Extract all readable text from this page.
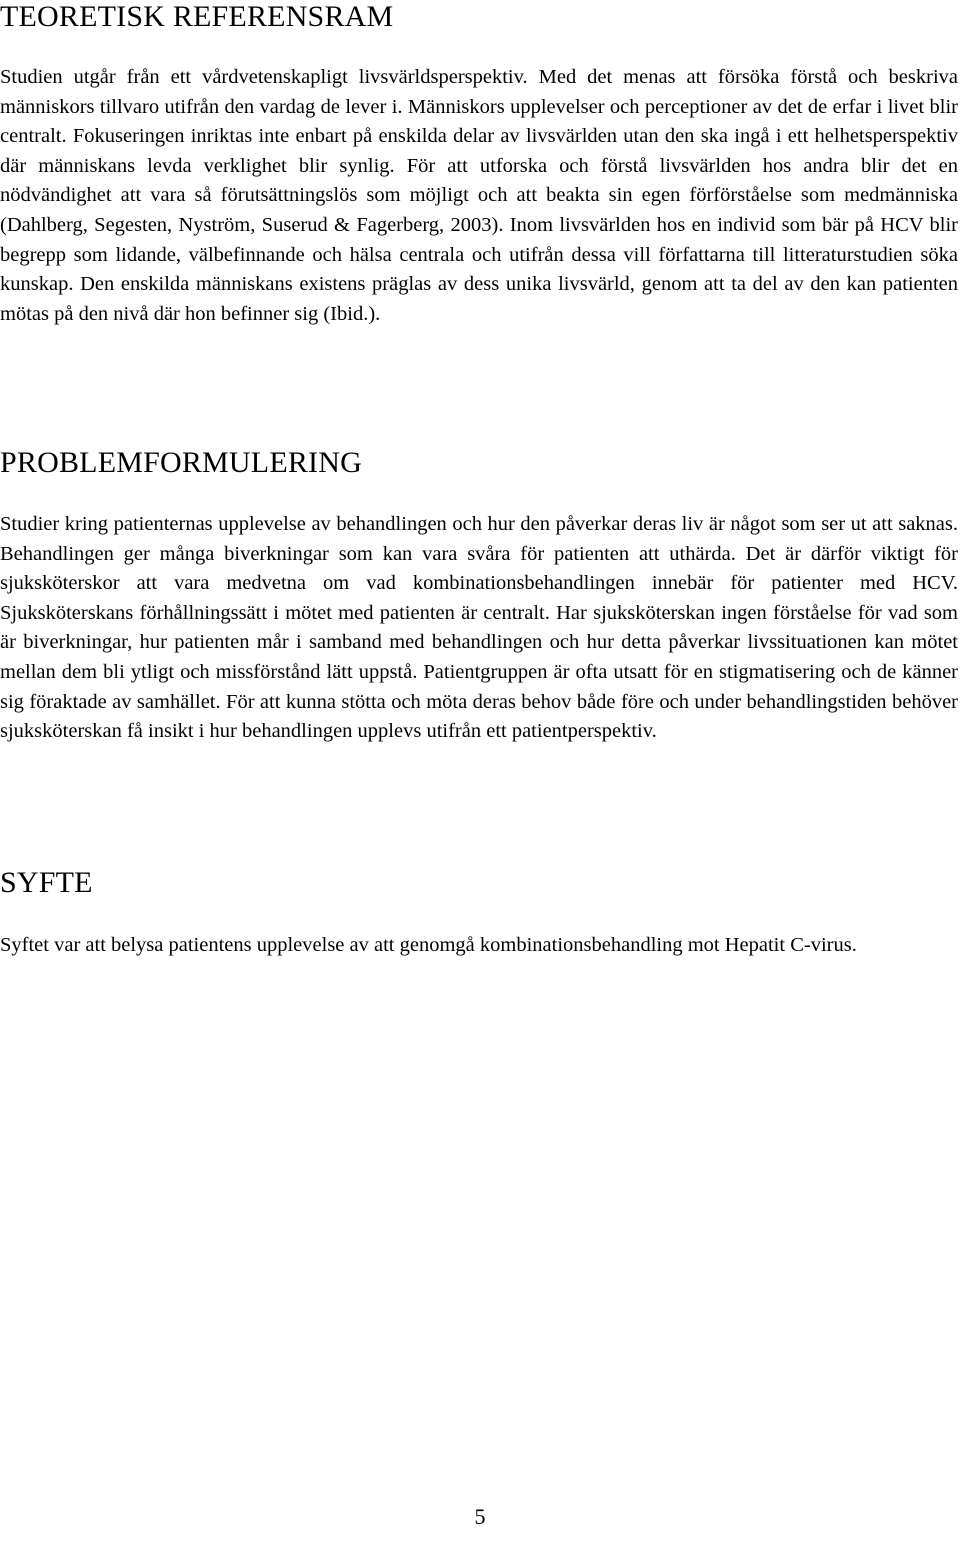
TEORETISK REFERENSRAM

Studien utgår från ett vårdvetenskapligt livsvärldsperspektiv. Med det menas att försöka förstå och beskriva människors tillvaro utifrån den vardag de lever i. Människors upplevelser och perceptioner av det de erfar i livet blir centralt. Fokuseringen inriktas inte enbart på enskilda delar av livsvärlden utan den ska ingå i ett helhetsperspektiv där människans levda verklighet blir synlig. För att utforska och förstå livsvärlden hos andra blir det en nödvändighet att vara så förutsättningslös som möjligt och att beakta sin egen förförståelse som medmänniska (Dahlberg, Segesten, Nyström, Suserud & Fagerberg, 2003). Inom livsvärlden hos en individ som bär på HCV blir begrepp som lidande, välbefinnande och hälsa centrala och utifrån dessa vill författarna till litteraturstudien söka kunskap. Den enskilda människans existens präglas av dess unika livsvärld, genom att ta del av den kan patienten mötas på den nivå där hon befinner sig (Ibid.).

PROBLEMFORMULERING

Studier kring patienternas upplevelse av behandlingen och hur den påverkar deras liv är något som ser ut att saknas. Behandlingen ger många biverkningar som kan vara svåra för patienten att uthärda. Det är därför viktigt för sjuksköterskor att vara medvetna om vad kombinationsbehandlingen innebär för patienter med HCV. Sjuksköterskans förhållningssätt i mötet med patienten är centralt. Har sjuksköterskan ingen förståelse för vad som är biverkningar, hur patienten mår i samband med behandlingen och hur detta påverkar livssituationen kan mötet mellan dem bli ytligt och missförstånd lätt uppstå. Patientgruppen är ofta utsatt för en stigmatisering och de känner sig föraktade av samhället. För att kunna stötta och möta deras behov både före och under behandlingstiden behöver sjuksköterskan få insikt i hur behandlingen upplevs utifrån ett patientperspektiv.

SYFTE

Syftet var att belysa patientens upplevelse av att genomgå kombinationsbehandling mot Hepatit C-virus.

5
